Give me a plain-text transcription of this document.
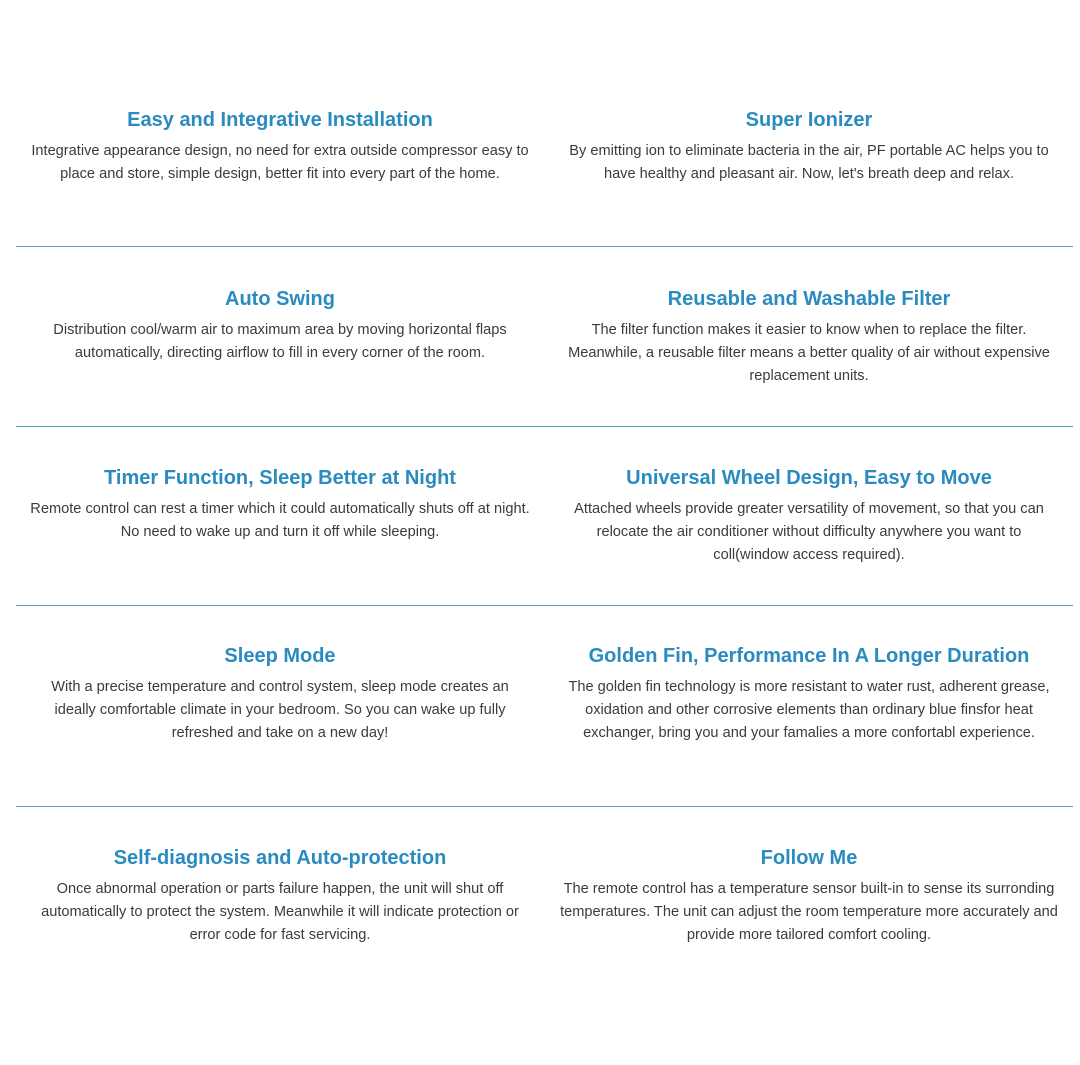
Easy and Integrative Installation

Integrative appearance design, no need for extra outside compressor easy to place and store, simple design, better fit into every part of the home.

Super Ionizer

By emitting ion to eliminate bacteria in the air, PF portable AC helps you to have healthy and pleasant air. Now, let's breath deep and relax.

Auto Swing

Distribution cool/warm air to maximum area by moving horizontal flaps automatically, directing airflow to fill in every corner of the room.

Reusable and Washable Filter

The filter function makes it easier to know when to replace the filter. Meanwhile, a reusable filter means a better quality of air without expensive replacement units.

Timer Function, Sleep Better at Night

Remote control can rest a timer which it could automatically shuts off at night. No need to wake up and turn it off while sleeping.

Universal Wheel Design, Easy to Move

Attached wheels provide greater versatility of movement, so that you can relocate the air conditioner without difficulty anywhere you want to coll(window access required).

Sleep Mode

With a precise temperature and control system, sleep mode creates an ideally comfortable climate in your bedroom. So you can wake up fully refreshed and take on a new day!

Golden Fin, Performance In A Longer Duration

The golden fin technology is more resistant to water rust, adherent grease, oxidation and other corrosive elements than ordinary blue finsfor heat exchanger, bring you and your famalies a more confortabl experience.

Self-diagnosis and Auto-protection

Once abnormal operation or parts failure happen, the unit will shut off automatically to protect the system. Meanwhile it will indicate protection or error code for fast servicing.

Follow Me

The remote control has a temperature sensor built-in to sense its surronding temperatures. The unit can adjust the room temperature more accurately and provide more tailored comfort cooling.
